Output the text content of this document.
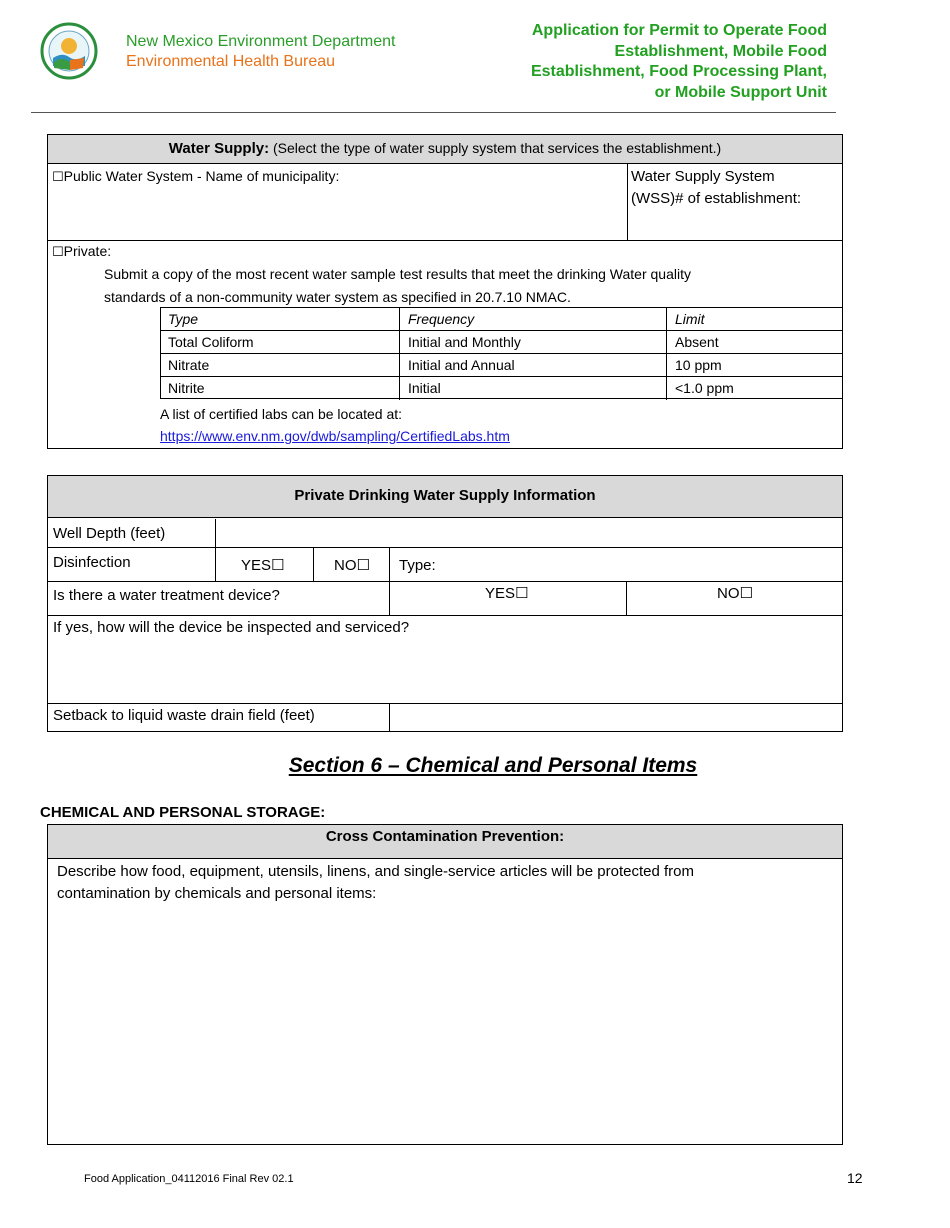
New Mexico Environment Department
Environmental Health Bureau
Application for Permit to Operate Food
Establishment, Mobile Food
Establishment, Food Processing Plant,
or Mobile Support Unit
Water Supply: (Select the type of water supply system that services the establishment.)
☐Public Water System - Name of municipality:	Water Supply System
(WSS)# of establishment:
☐Private:
Submit a copy of the most recent water sample test results that meet the drinking Water quality
standards of a non-community water system as specified in 20.7.10 NMAC.
Type	Frequency	Limit
Total Coliform	Initial and Monthly	Absent
Nitrate	Initial and Annual	10 ppm
Nitrite	Initial	<1.0 ppm
A list of certified labs can be located at:
https://www.env.nm.gov/dwb/sampling/CertifiedLabs.htm
Private Drinking Water Supply Information
Well Depth (feet)
Disinfection	YES☐	NO☐ Type:
Is there a water treatment device?	YES☐	NO☐
If yes, how will the device be inspected and serviced?
Setback to liquid waste drain field (feet)
Section 6 – Chemical and Personal Items
CHEMICAL AND PERSONAL STORAGE:
Cross Contamination Prevention:
Describe how food, equipment, utensils, linens, and single-service articles will be protected from
contamination by chemicals and personal items:
Food Application_04112016 Final Rev 02.1	12
